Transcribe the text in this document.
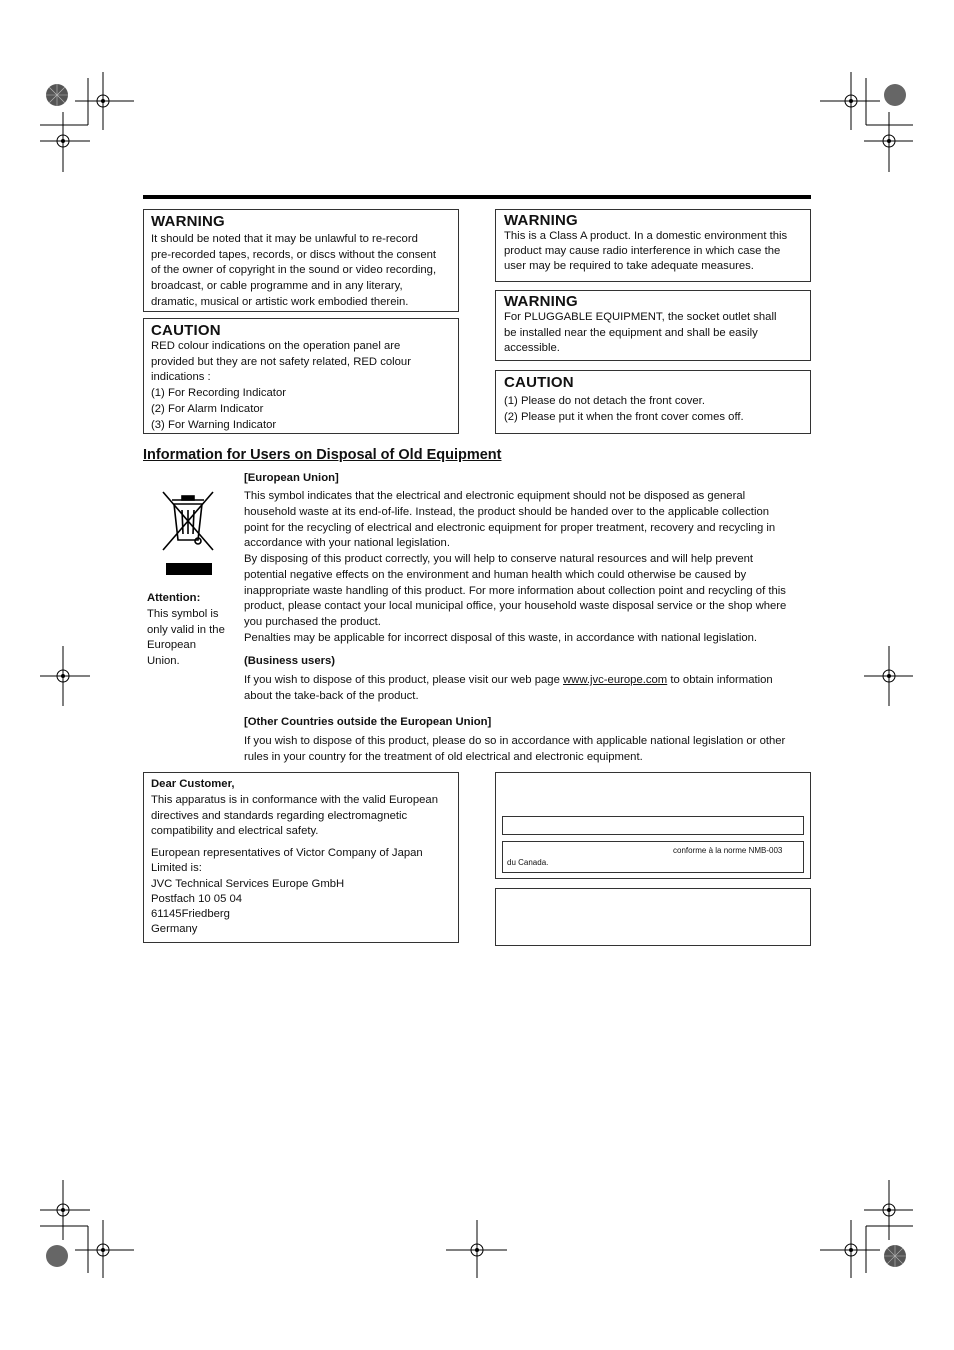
WARNING
It should be noted that it may be unlawful to re-record
pre-recorded tapes, records, or discs without the consent
of the owner of copyright in the sound or video recording,
broadcast, or cable programme and in any literary,
dramatic, musical or artistic work embodied therein.
CAUTION
RED colour indications on the operation panel are
provided but they are not safety related, RED colour
indications :
(1) For Recording Indicator
(2) For Alarm Indicator
(3) For Warning Indicator
WARNING
This is a Class A product. In a domestic environment this
product may cause radio interference in which case the
user may be required to take adequate measures.
WARNING
For PLUGGABLE EQUIPMENT, the socket outlet shall
be installed near the equipment and shall be easily
accessible.
CAUTION
(1) Please do not detach the front cover.
(2) Please put it when the front cover comes off.
Information for Users on Disposal of Old Equipment
Attention:
This symbol is
only valid in the
European
Union.
[European Union]
This symbol indicates that the electrical and electronic equipment should not be disposed as general
household waste at its end-of-life. Instead, the product should be handed over to the applicable collection
point for the recycling of electrical and electronic equipment for proper treatment, recovery and recycling in
accordance with your national legislation.
By disposing of this product correctly, you will help to conserve natural resources and will help prevent
potential negative effects on the environment and human health which could otherwise be caused by
inappropriate waste handling of this product. For more information about collection point and recycling of this
product, please contact your local municipal office, your household waste disposal service or the shop where
you purchased the product.
Penalties may be applicable for incorrect disposal of this waste, in accordance with national legislation.
(Business users)
If you wish to dispose of this product, please visit our web page www.jvc-europe.com to obtain information
about the take-back of the product.
[Other Countries outside the European Union]
If you wish to dispose of this product, please do so in accordance with applicable national legislation or other
rules in your country for the treatment of old electrical and electronic equipment.
Dear Customer,
This apparatus is in conformance with the valid European
directives and standards regarding electromagnetic
compatibility and electrical safety.
European representatives of Victor Company of Japan
Limited is:
JVC Technical Services Europe GmbH
Postfach 10 05 04
61145Friedberg
Germany
conforme à la norme NMB-003
du Canada.
